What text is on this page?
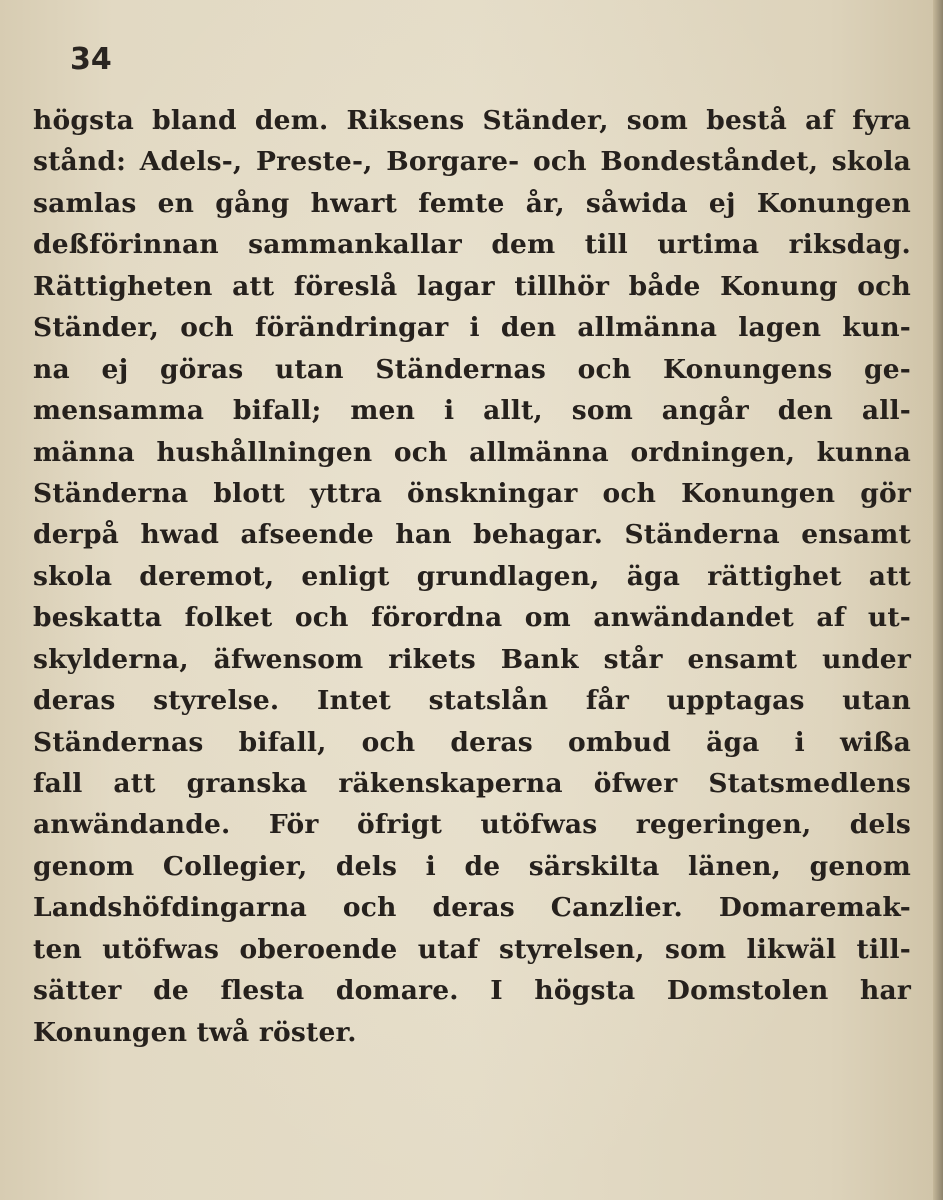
34

högsta bland dem. Riksens Ständer, som bestå af fyra
stånd: Adels-, Preste-, Borgare- och Bondeståndet, skola
samlas en gång hwart femte år, såwida ej Konungen
deßförinnan sammankallar dem till urtima riksdag.
Rättigheten att föreslå lagar tillhör både Konung och
Ständer, och förändringar i den allmänna lagen kun-
na ej göras utan Ständernas och Konungens ge-
mensamma bifall; men i allt, som angår den all-
männa hushållningen och allmänna ordningen, kunna
Ständerna blott yttra önskningar och Konungen gör
derpå hwad afseende han behagar. Ständerna ensamt
skola deremot, enligt grundlagen, äga rättighet att
beskatta folket och förordna om anwändandet af ut-
skylderna, äfwensom rikets Bank står ensamt under
deras styrelse. Intet statslån får upptagas utan
Ständernas bifall, och deras ombud äga i wißa
fall att granska räkenskaperna öfwer Statsmedlens
anwändande. För öfrigt utöfwas regeringen, dels
genom Collegier, dels i de särskilta länen, genom
Landshöfdingarna och deras Canzlier. Domaremak-
ten utöfwas oberoende utaf styrelsen, som likwäl till-
sätter de flesta domare. I högsta Domstolen har
Konungen twå röster.
